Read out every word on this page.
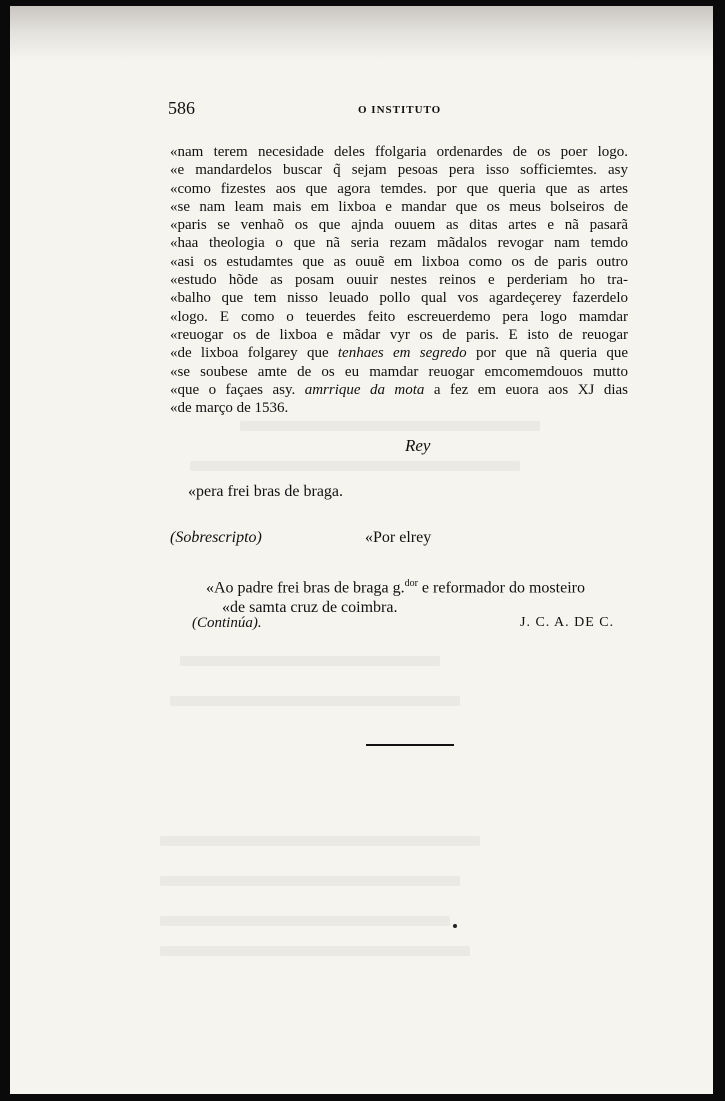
586	O INSTITUTO
«nam terem necesidade deles ffolgaria ordenardes de os poer logo.
«e mandardelos buscar q̃ sejam pesoas pera isso sofficiemtes. asy
«como fizestes aos que agora temdes. por que queria que as artes
«se nam leam mais em lixboa e mandar que os meus bolseiros de
«paris se venhaõ os que ajnda ouuem as ditas artes e nã pasarã
«haa theologia o que nã seria rezam mãdalos revogar nam temdo
«asi os estudamtes que as ouuẽ em lixboa como os de paris outro
«estudo hõde as posam ouuir nestes reinos e perderiam ho tra-
«balho que tem nisso leuado pollo qual vos agardeçerey fazerdelo
«logo. E como o teuerdes feito escreuerdemo pera logo mamdar
«reuogar os de lixboa e mãdar vyr os de paris. E isto de reuogar
«de lixboa folgarey que tenhaes em segredo por que nã queria que
«se soubese amte de os eu mamdar reuogar emcomemdouos mutto
«que o façaes asy. amrrique da mota a fez em euora aos XJ dias
«de março de 1536.
Rey
«pera frei bras de braga.
(Sobrescripto)	«Por elrey
«Ao padre frei bras de braga g.$^{dor}$ e reformador do mosteiro
«de samta cruz de coimbra.
(Continúa).	J. C. A. DE C.
